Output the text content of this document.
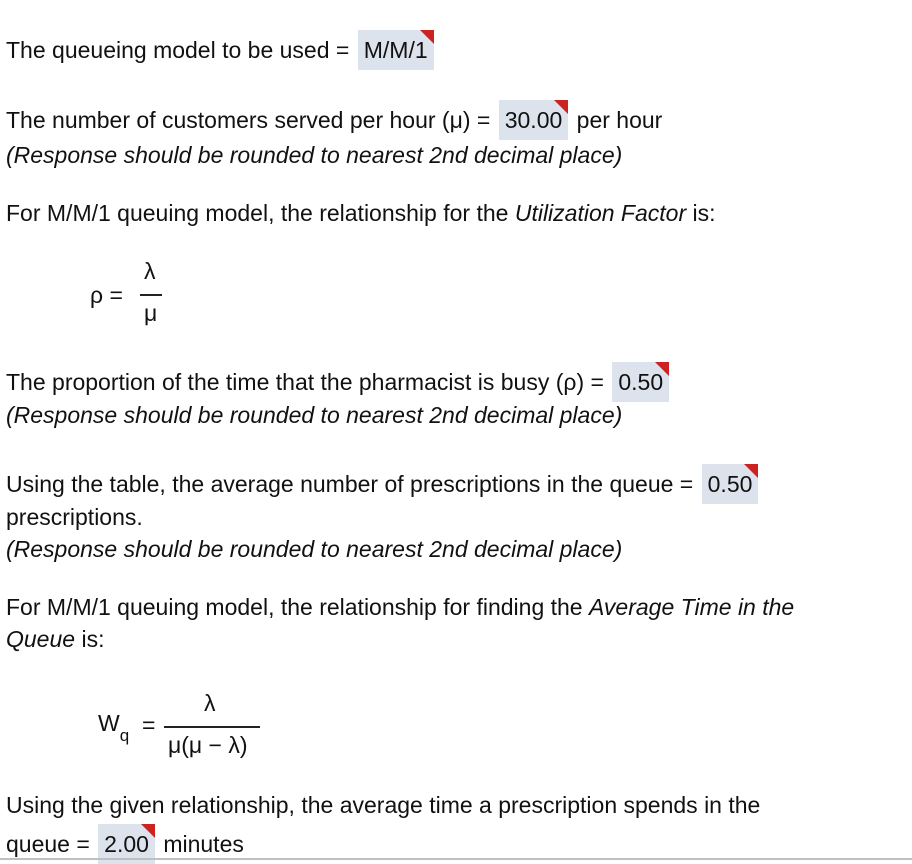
The queueing model to be used = M/M/1
The number of customers served per hour (μ) = 30.00 per hour
(Response should be rounded to nearest 2nd decimal place)
For M/M/1 queuing model, the relationship for the Utilization Factor is:
ρ =
λ
μ
The proportion of the time that the pharmacist is busy (ρ) = 0.50
(Response should be rounded to nearest 2nd decimal place)
Using the table, the average number of prescriptions in the queue = 0.50
prescriptions.
(Response should be rounded to nearest 2nd decimal place)
For M/M/1 queuing model, the relationship for finding the Average Time in the
Queue is:
$W_q$ =
λ
μ(μ − λ)
Using the given relationship, the average time a prescription spends in the
queue = 2.00 minutes
